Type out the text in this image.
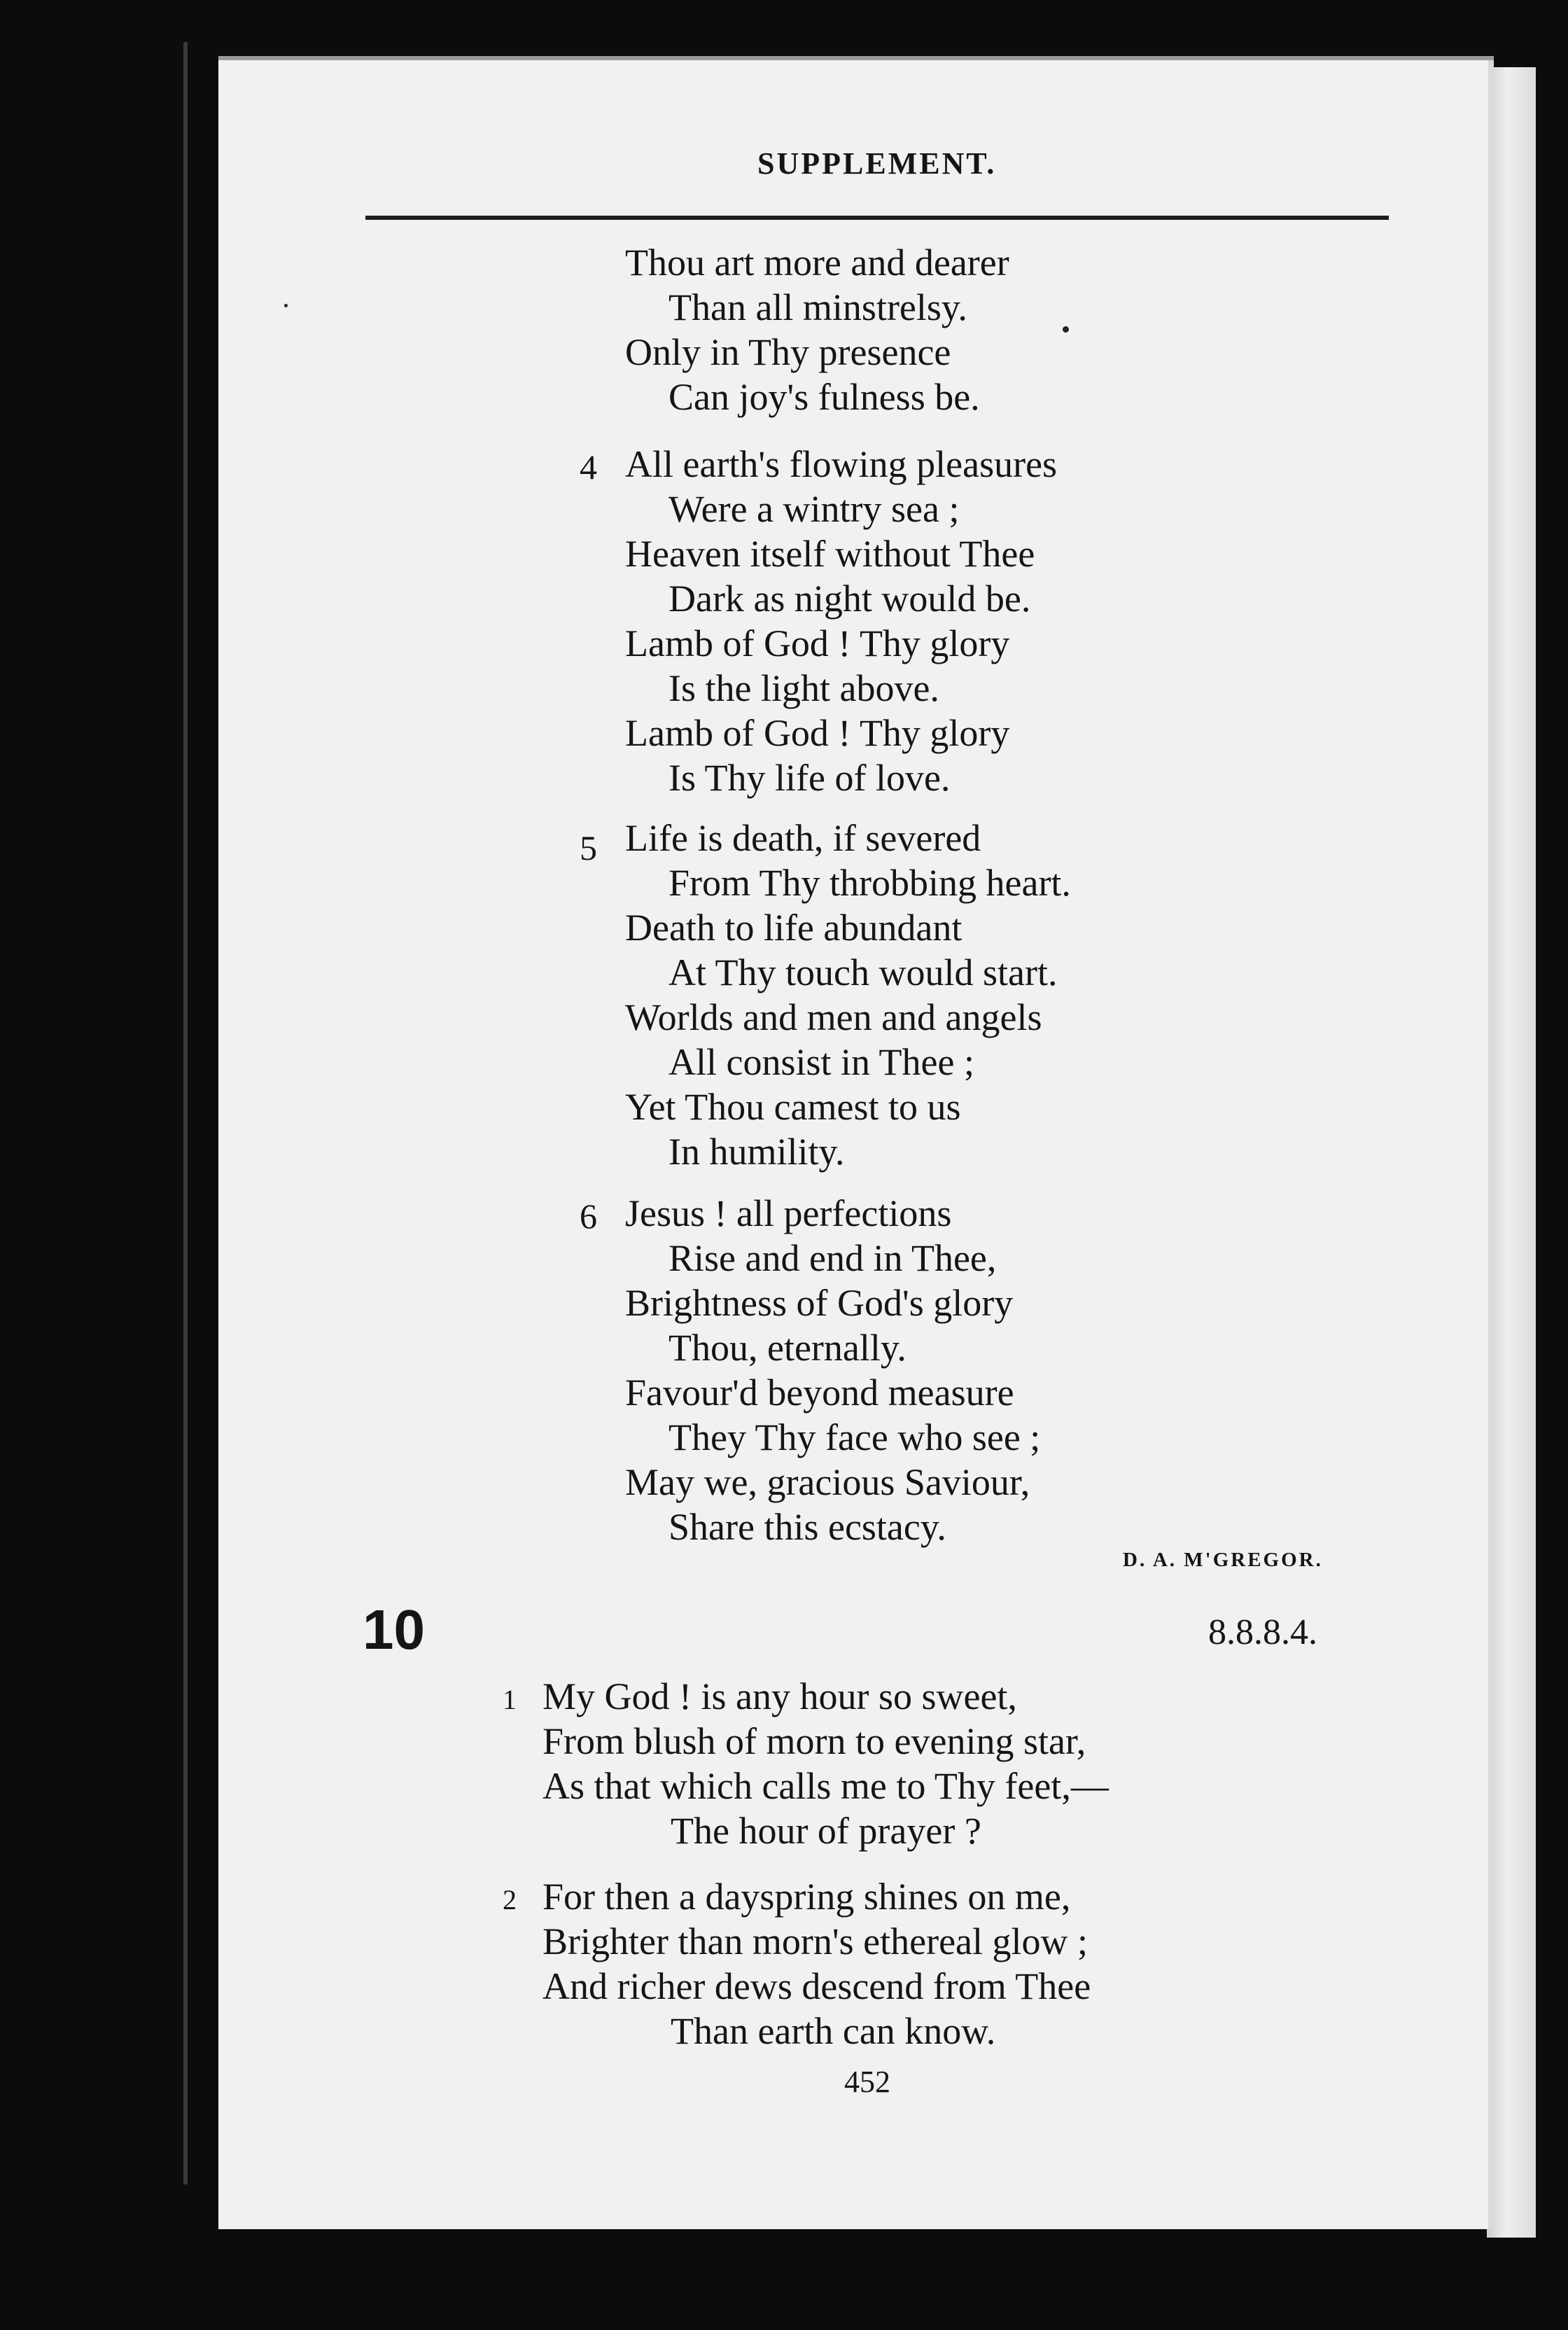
SUPPLEMENT.
Thou art more and dearer
Than all minstrelsy.
Only in Thy presence
Can joy's fulness be.
4 All earth's flowing pleasures
Were a wintry sea ;
Heaven itself without Thee
Dark as night would be.
Lamb of God ! Thy glory
Is the light above.
Lamb of God ! Thy glory
Is Thy life of love.
5 Life is death, if severed
From Thy throbbing heart.
Death to life abundant
At Thy touch would start.
Worlds and men and angels
All consist in Thee ;
Yet Thou camest to us
In humility.
6 Jesus ! all perfections
Rise and end in Thee,
Brightness of God's glory
Thou, eternally.
Favour'd beyond measure
They Thy face who see ;
May we, gracious Saviour,
Share this ecstacy.
D. A. M'GREGOR.
10	8.8.8.4.
1 My God ! is any hour so sweet,
From blush of morn to evening star,
As that which calls me to Thy feet,—
The hour of prayer ?
2 For then a dayspring shines on me,
Brighter than morn's ethereal glow ;
And richer dews descend from Thee
Than earth can know.
452
